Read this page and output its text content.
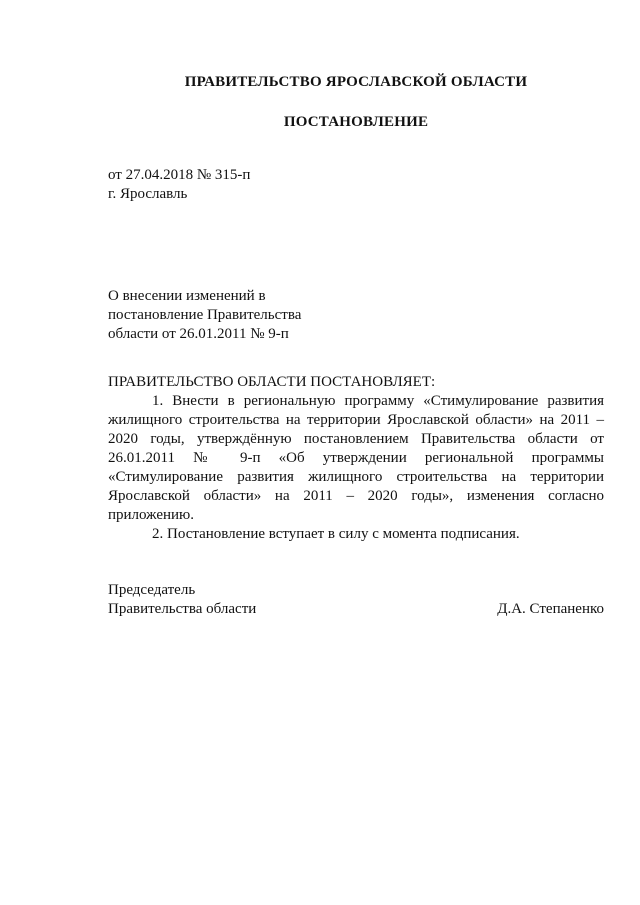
ПРАВИТЕЛЬСТВО ЯРОСЛАВСКОЙ ОБЛАСТИ
ПОСТАНОВЛЕНИЕ
от 27.04.2018 № 315-п
г. Ярославль
О внесении изменений в
постановление Правительства
области от 26.01.2011 № 9-п

ПРАВИТЕЛЬСТВО ОБЛАСТИ ПОСТАНОВЛЯЕТ:

1. Внести в региональную программу «Стимулирование развития жилищного строительства на территории Ярославской области» на 2011 – 2020 годы, утверждённую постановлением Правительства области от 26.01.2011 № 9-п «Об утверждении региональной программы «Стимулирование развития жилищного строительства на территории Ярославской области» на 2011 – 2020 годы», изменения согласно приложению.

2. Постановление вступает в силу с момента подписания.

Председатель
Правительства области	Д.А. Степаненко
